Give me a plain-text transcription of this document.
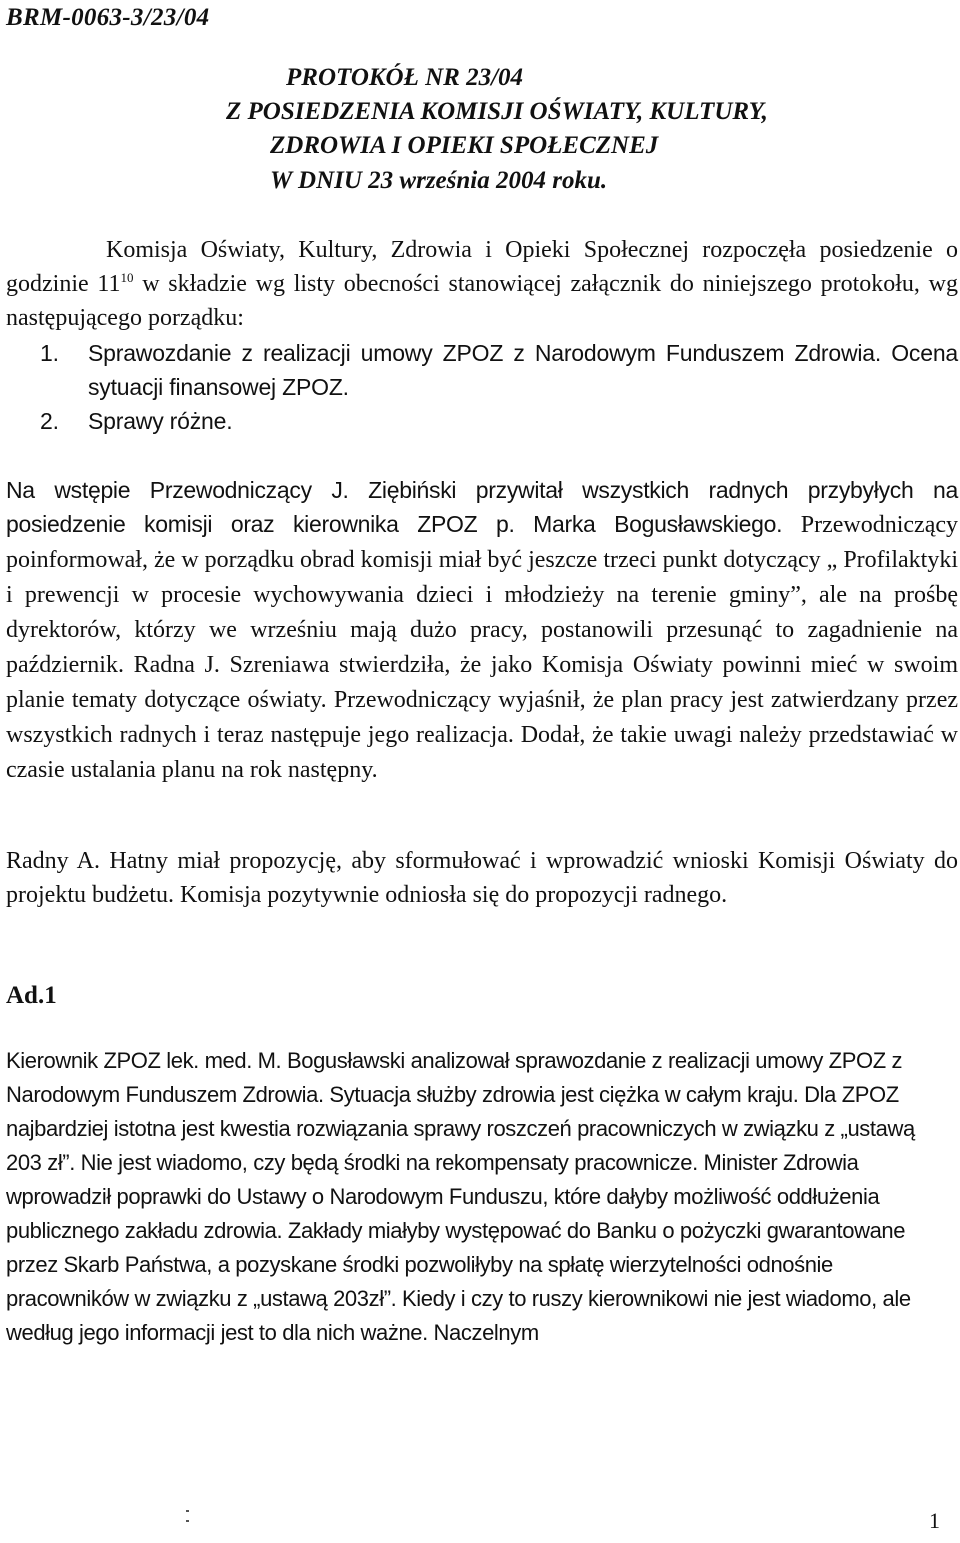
BRM-0063-3/23/04
PROTOKÓŁ NR 23/04
Z POSIEDZENIA KOMISJI OŚWIATY, KULTURY,
ZDROWIA I OPIEKI SPOŁECZNEJ
W DNIU 23 września 2004 roku.
Komisja Oświaty, Kultury, Zdrowia i Opieki Społecznej rozpoczęła posiedzenie o godzinie $11^{10}$ w składzie wg listy obecności stanowiącej załącznik do niniejszego protokołu, wg następującego porządku:
1.	Sprawozdanie z realizacji umowy ZPOZ z Narodowym Funduszem Zdrowia. Ocena sytuacji finansowej ZPOZ.
2.	Sprawy różne.
Na wstępie Przewodniczący J. Ziębiński przywitał wszystkich radnych przybyłych na posiedzenie komisji oraz kierownika ZPOZ p. Marka Bogusławskiego. Przewodniczący poinformował, że w porządku obrad komisji miał być jeszcze trzeci punkt dotyczący „ Profilaktyki i prewencji w procesie wychowywania dzieci i młodzieży na terenie gminy”, ale na prośbę dyrektorów, którzy we wrześniu mają dużo pracy, postanowili przesunąć to zagadnienie na październik. Radna J. Szreniawa stwierdziła, że jako Komisja Oświaty powinni mieć w swoim planie tematy dotyczące oświaty. Przewodniczący wyjaśnił, że plan pracy jest zatwierdzany przez wszystkich radnych i teraz następuje jego realizacja. Dodał, że takie uwagi należy przedstawiać w czasie ustalania planu na rok następny.
Radny A. Hatny miał propozycję, aby sformułować i wprowadzić wnioski Komisji Oświaty do projektu budżetu. Komisja pozytywnie odniosła się do propozycji radnego.
Ad.1
Kierownik ZPOZ lek. med. M. Bogusławski analizował sprawozdanie z realizacji umowy ZPOZ z Narodowym Funduszem Zdrowia. Sytuacja służby zdrowia jest ciężka w całym kraju. Dla ZPOZ najbardziej istotna jest kwestia rozwiązania sprawy roszczeń pracowniczych w związku z „ustawą 203 zł”. Nie jest wiadomo, czy będą środki na rekompensaty pracownicze. Minister Zdrowia wprowadził poprawki do Ustawy o Narodowym Funduszu, które dałyby możliwość oddłużenia publicznego zakładu zdrowia. Zakłady miałyby występować do Banku o pożyczki gwarantowane przez Skarb Państwa, a pozyskane środki pozwoliłyby na spłatę wierzytelności odnośnie pracowników w związku z „ustawą 203zł”. Kiedy i czy to ruszy kierownikowi nie jest wiadomo, ale według jego informacji jest to dla nich ważne. Naczelnym
1
